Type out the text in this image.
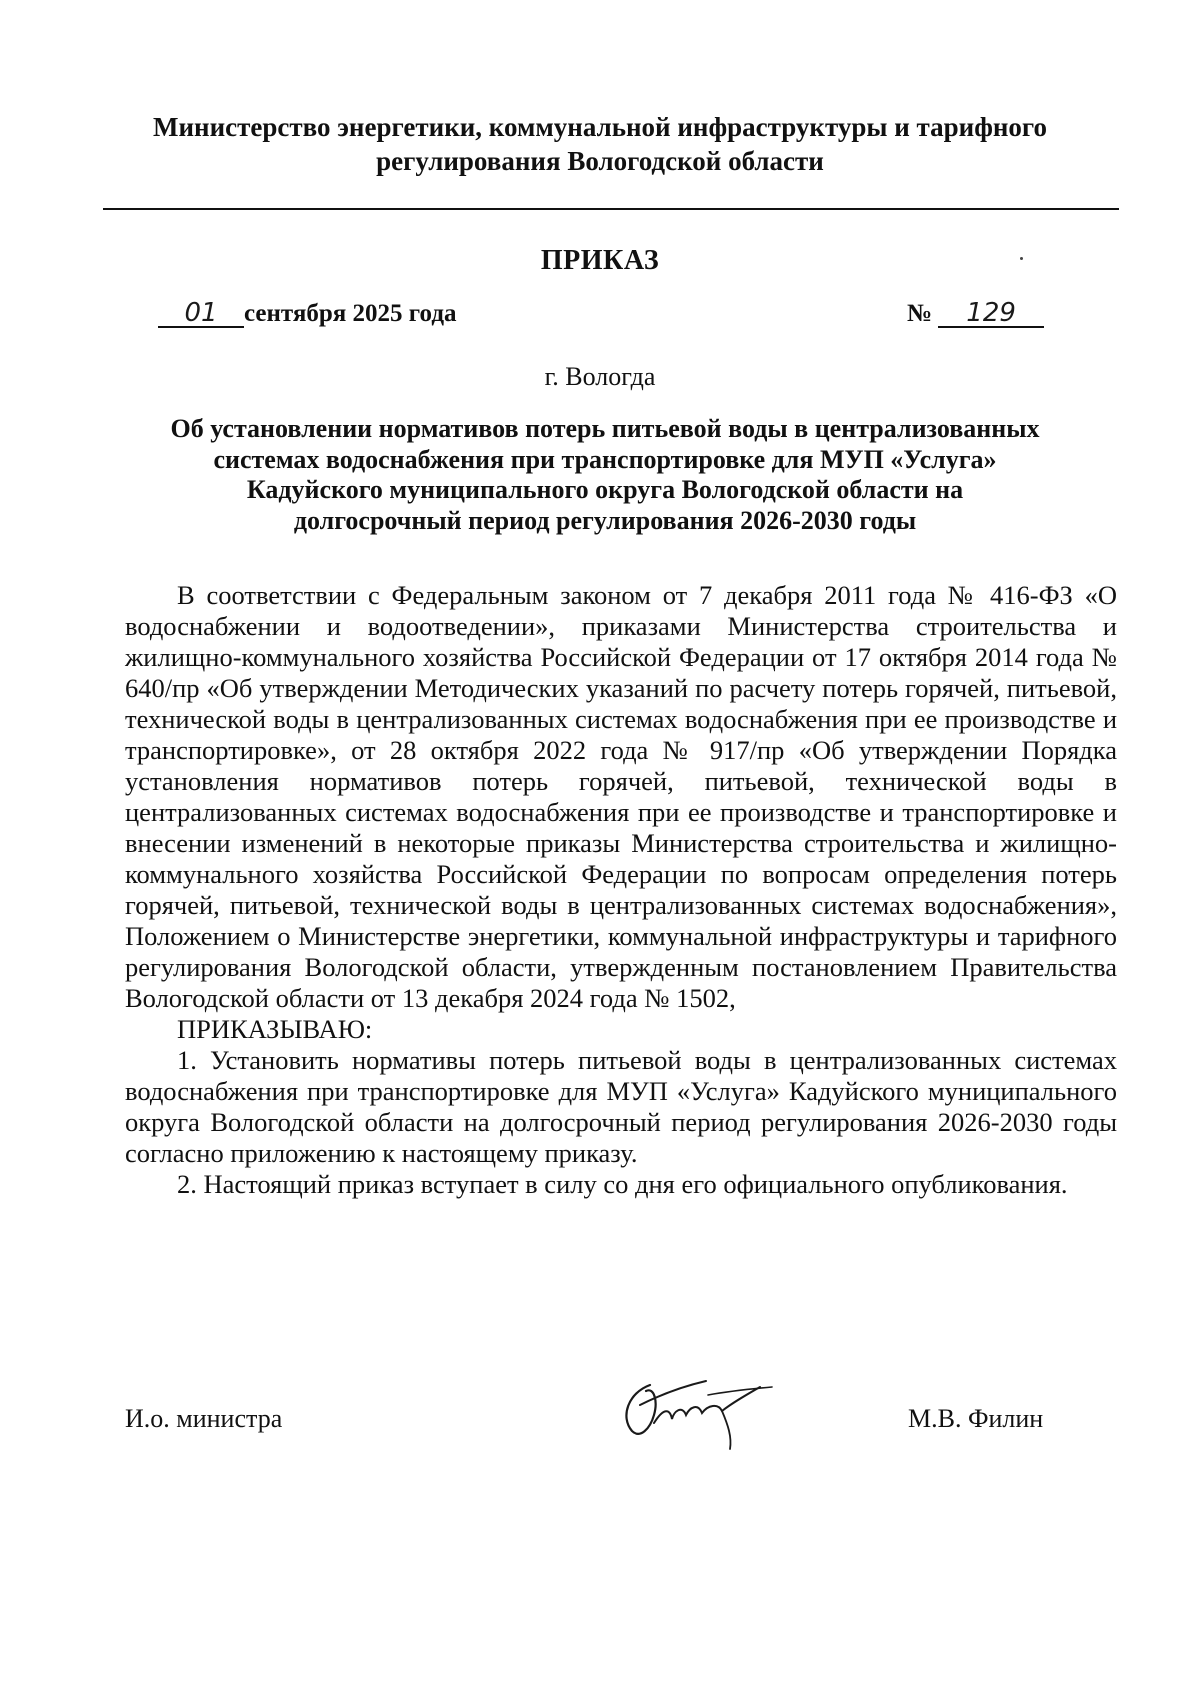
Министерство энергетики, коммунальной инфраструктуры и тарифного
регулирования Вологодской области
ПРИКАЗ
01 сентября 2025 года	№ 129
г. Вологда
Об установлении нормативов потерь питьевой воды в централизованных
системах водоснабжения при транспортировке для МУП «Услуга»
Кадуйского муниципального округа Вологодской области на
долгосрочный период регулирования 2026-2030 годы

В соответствии с Федеральным законом от 7 декабря 2011 года № 416-ФЗ «О водоснабжении и водоотведении», приказами Министерства строительства и жилищно-коммунального хозяйства Российской Федерации от 17 октября 2014 года № 640/пр «Об утверждении Методических указаний по расчету потерь горячей, питьевой, технической воды в централизованных системах водоснабжения при ее производстве и транспортировке», от 28 октября 2022 года № 917/пр «Об утверждении Порядка установления нормативов потерь горячей, питьевой, технической воды в централизованных системах водоснабжения при ее производстве и транспортировке и внесении изменений в некоторые приказы Министерства строительства и жилищно-коммунального хозяйства Российской Федерации по вопросам определения потерь горячей, питьевой, технической воды в централизованных системах водоснабжения», Положением о Министерстве энергетики, коммунальной инфраструктуры и тарифного регулирования Вологодской области, утвержденным постановлением Правительства Вологодской области от 13 декабря 2024 года № 1502,

ПРИКАЗЫВАЮ:

1. Установить нормативы потерь питьевой воды в централизованных системах водоснабжения при транспортировке для МУП «Услуга» Кадуйского муниципального округа Вологодской области на долгосрочный период регулирования 2026-2030 годы согласно приложению к настоящему приказу.

2. Настоящий приказ вступает в силу со дня его официального опубликования.

И.о. министра	М.В. Филин
